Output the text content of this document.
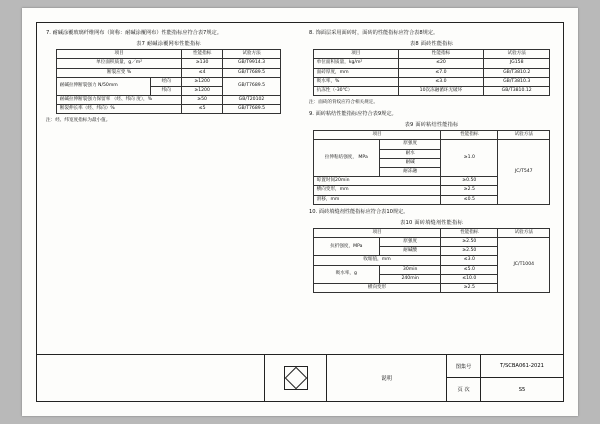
7. 耐碱涂覆玻璃纤维网布（简称：耐碱涂覆网布）性能指标应符合表7规定。

表7 耐碱涂覆网布性能指标
项目		性能指标	试验方法
单位面积质量，g／m²		≥130	GB/T9914.3
断裂应变 %		≤4	GB/T7689.5
耐碱拉伸断裂强力 N/50mm	经向	≥1200	GB/T7689.5
	纬向	≥1200	
耐碱拉伸断裂强力保留率 （经、纬向 度），%		≥50	GB/T20102
断裂伸长率（经、纬向）%		≤5	GB/T7689.5
注：经、纬宽度指标为最小值。

8. 饰面层采用面砖时，面砖的性能指标应符合表8规定。

表8 面砖性能指标
项目	性能指标	试验方法
单位面积质量，kg/m²	≤20	JG158
面砖厚度，mm	≤7.0	GB/T3810.2
吸水率，%	≤3.0	GB/T3810.3
抗冻性（-30℃）	10次冻融循环无破坏	GB/T3810.12
注：面砖的背纹应符合相关规定。

9. 面砖粘结性能指标应符合表9规定。

表9 面砖粘结性能指标
项目		性能指标	试验方法
拉伸粘结强度， MPa	原强度	≥1.0	JC/T547
	耐水		
	耐碱		
	耐冻融		
晾置时间20min		≥0.50	
横向变形，mm		≥2.5	
滑移，mm		≤0.5	

10. 面砖填缝剂性能指标应符合表10规定。

表10 面砖填缝剂性能指标
项目		性能指标	试验方法
抗折强度，MPa	原强度	≥2.50	JC/T1004
	耐碱酸	≥2.50	
收缩值，mm		≤3.0	
吸水率，g	30min	≤5.0	
	240min	≤10.0	
横向变形		≥2.5	
说明
图集号	T/SCBA061-2021
页 次	S5
